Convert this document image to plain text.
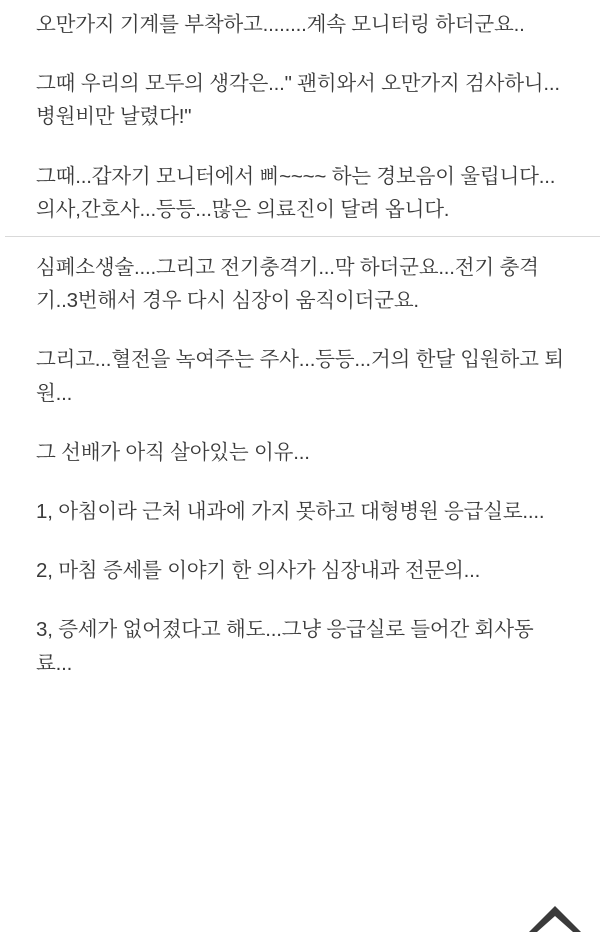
오만가지 기계를 부착하고........계속 모니터링 하더군요..

그때 우리의 모두의 생각은..." 괜히와서 오만가지 검사하니...병원비만 날렸다!"

그때...갑자기 모니터에서 삐~~~~ 하는 경보음이 울립니다...의사,간호사...등등...많은 의료진이 달려 옵니다.

심폐소생술....그리고 전기충격기...막 하더군요...전기 충격기..3번해서 경우 다시 심장이 움직이더군요.

그리고...혈전을 녹여주는 주사...등등...거의 한달 입원하고 퇴원...

그 선배가 아직 살아있는 이유...

1, 아침이라 근처 내과에 가지 못하고 대형병원 응급실로....

2, 마침 증세를 이야기 한 의사가 심장내과 전문의...

3, 증세가 없어졌다고 해도...그냥 응급실로 들어간 회사동료...
